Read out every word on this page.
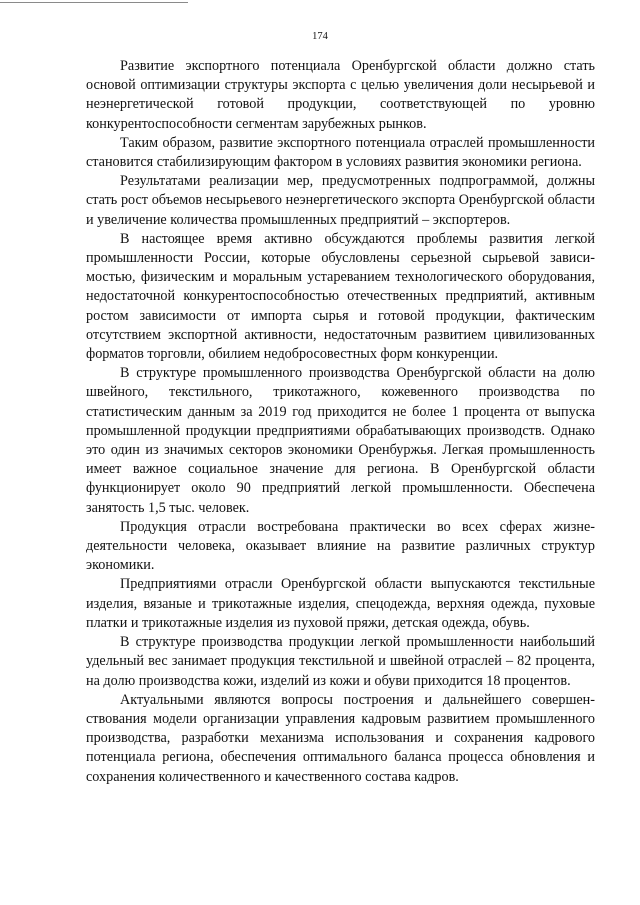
174

Развитие экспортного потенциала Оренбургской области должно стать основой оптимизации структуры экспорта с целью увеличения доли несырьевой и неэнергетической готовой продукции, соответствующей по уровню конкурентоспособности сегментам зарубежных рынков.

Таким образом, развитие экспортного потенциала отраслей промышленности становится стабилизирующим фактором в условиях развития экономики региона.

Результатами реализации мер, предусмотренных подпрограммой, должны стать рост объемов несырьевого неэнергетического экспорта Оренбургской области и увеличение количества промышленных предприятий – экспортеров.

В настоящее время активно обсуждаются проблемы развития легкой промышленности России, которые обусловлены серьезной сырьевой зависимостью, физическим и моральным устареванием технологического оборудования, недостаточной конкурентоспособностью отечественных предприятий, активным ростом зависимости от импорта сырья и готовой продукции, фактическим отсутствием экспортной активности, недостаточным развитием цивилизованных форматов торговли, обилием недобросовестных форм конкуренции.

В структуре промышленного производства Оренбургской области на долю швейного, текстильного, трикотажного, кожевенного производства по статистическим данным за 2019 год приходится не более 1 процента от выпуска промышленной продукции предприятиями обрабатывающих производств. Однако это один из значимых секторов экономики Оренбуржья. Легкая промышленность имеет важное социальное значение для региона. В Оренбургской области функционирует около 90 предприятий легкой промышленности. Обеспечена занятость 1,5 тыс. человек.

Продукция отрасли востребована практически во всех сферах жизнедеятельности человека, оказывает влияние на развитие различных структур экономики.

Предприятиями отрасли Оренбургской области выпускаются текстильные изделия, вязаные и трикотажные изделия, спецодежда, верхняя одежда, пуховые платки и трикотажные изделия из пуховой пряжи, детская одежда, обувь.

В структуре производства продукции легкой промышленности наибольший удельный вес занимает продукция текстильной и швейной отраслей – 82 процента, на долю производства кожи, изделий из кожи и обуви приходится 18 процентов.

Актуальными являются вопросы построения и дальнейшего совершенствования модели организации управления кадровым развитием промышленного производства, разработки механизма использования и сохранения кадрового потенциала региона, обеспечения оптимального баланса процесса обновления и сохранения количественного и качественного состава кадров.
